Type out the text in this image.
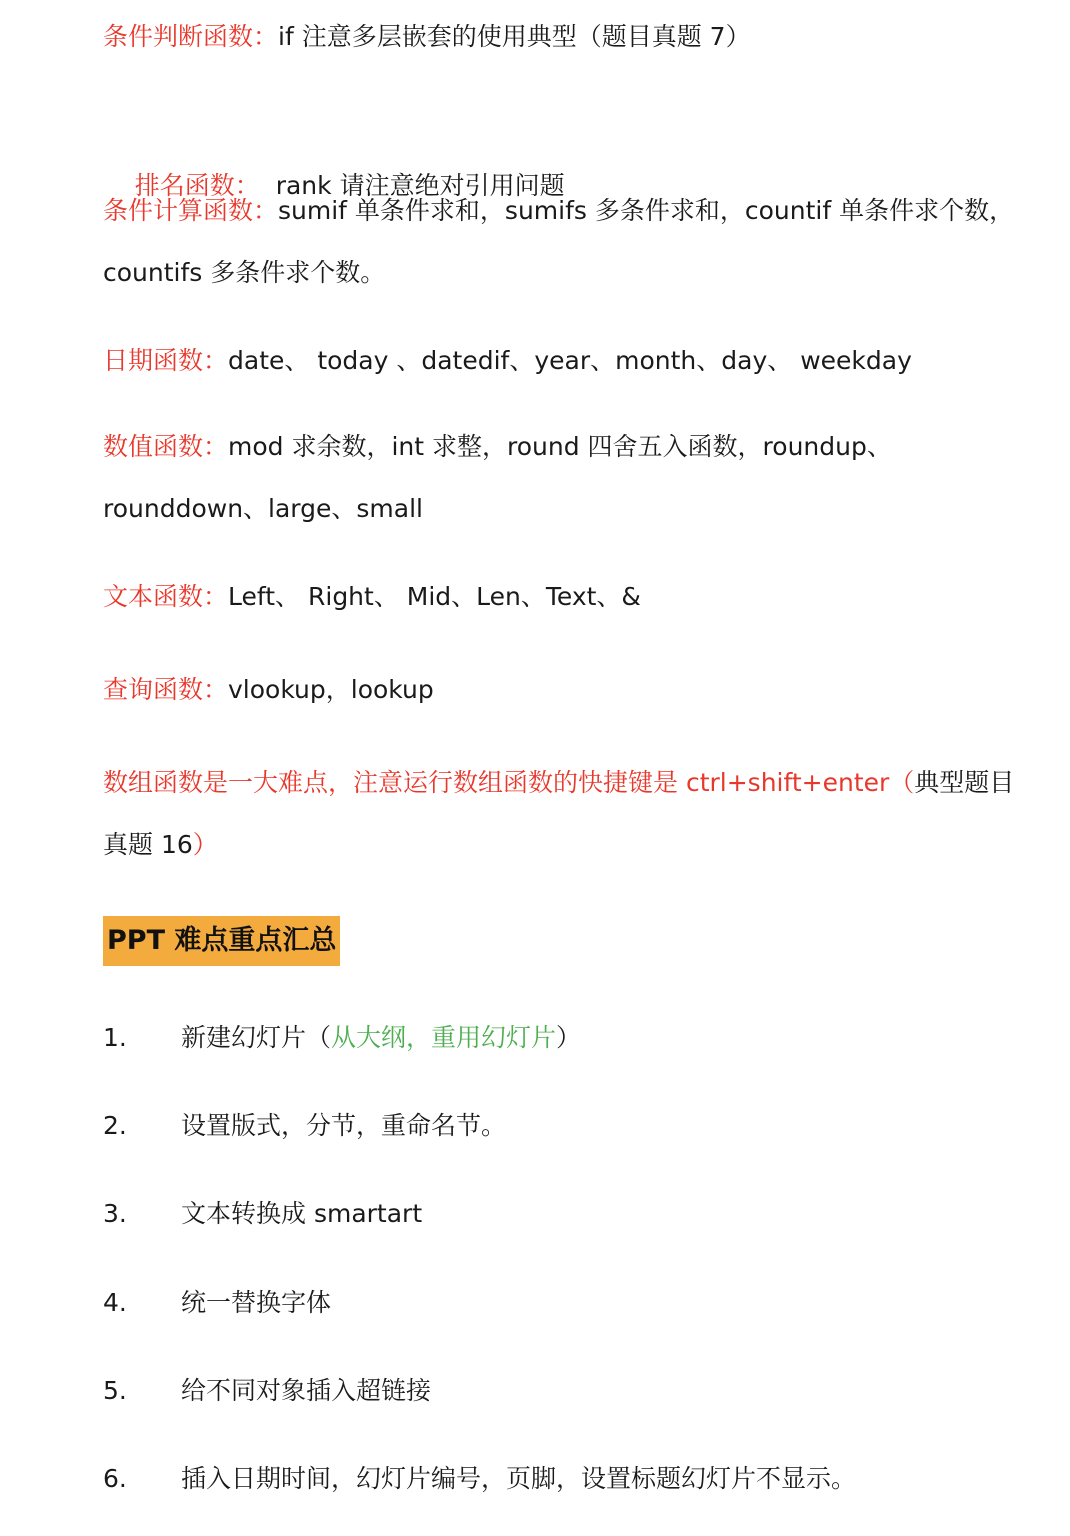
条件判断函数：if 注意多层嵌套的使用典型（题目真题 7）

排名函数：  rank 请注意绝对引用问题

条件计算函数：sumif 单条件求和，sumifs 多条件求和，countif 单条件求个数，countifs 多条件求个数。
日期函数：date、 today 、datedif、year、month、day、 weekday
数值函数：mod 求余数，int 求整，round 四舍五入函数，roundup、rounddown、large、small
文本函数：Left、 Right、 Mid、Len、Text、&
查询函数：vlookup，lookup
数组函数是一大难点，注意运行数组函数的快捷键是 ctrl+shift+enter（典型题目真题 16）
PPT 难点重点汇总
1. 新建幻灯片（从大纲，重用幻灯片）
2. 设置版式，分节，重命名节。
3. 文本转换成 smartart
4. 统一替换字体
5. 给不同对象插入超链接
6. 插入日期时间，幻灯片编号，页脚，设置标题幻灯片不显示。
